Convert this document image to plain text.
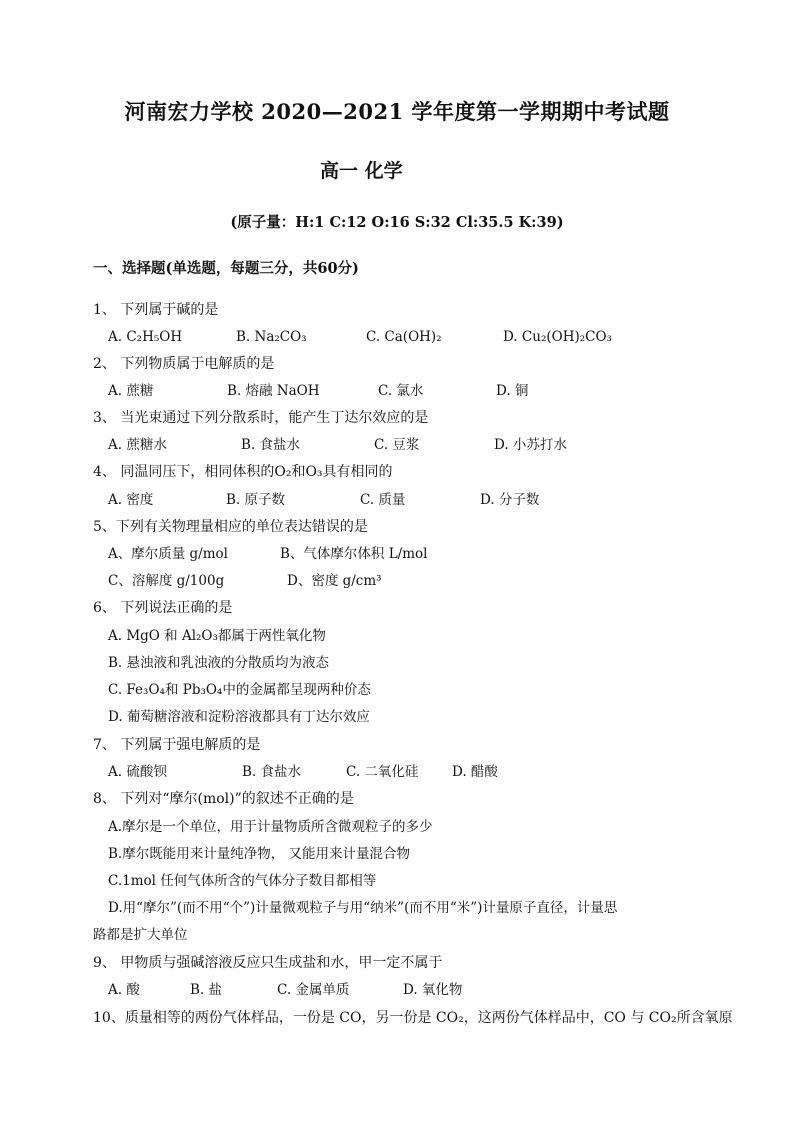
河南宏力学校 2020—2021 学年度第一学期期中考试题
高一 化学
(原子量：H:1 C:12 O:16 S:32 Cl:35.5 K:39)
一、选择题(单选题，每题三分，共60分)
1、 下列属于碱的是
A. C₂H₅OH	B. Na₂CO₃	C. Ca(OH)₂	D. Cu₂(OH)₂CO₃
2、 下列物质属于电解质的是
A. 蔗糖	B. 熔融 NaOH	C. 氯水	D. 铜
3、 当光束通过下列分散系时，能产生丁达尔效应的是
A. 蔗糖水	B. 食盐水	C. 豆浆	D. 小苏打水
4、 同温同压下，相同体积的O₂和O₃具有相同的
A. 密度	B. 原子数	C. 质量	D. 分子数
5、下列有关物理量相应的单位表达错误的是
A、摩尔质量 g/mol	B、气体摩尔体积 L/mol
C、溶解度 g/100g	D、密度 g/cm³
6、 下列说法正确的是
A. MgO 和 Al₂O₃都属于两性氧化物
B. 悬浊液和乳浊液的分散质均为液态
C. Fe₃O₄和 Pb₃O₄中的金属都呈现两种价态
D. 葡萄糖溶液和淀粉溶液都具有丁达尔效应
7、 下列属于强电解质的是
A. 硫酸钡	B. 食盐水	C. 二氧化硅 D. 醋酸
8、 下列对“摩尔(mol)”的叙述不正确的是
A.摩尔是一个单位，用于计量物质所含微观粒子的多少
B.摩尔既能用来计量纯净物， 又能用来计量混合物
C.1mol 任何气体所含的气体分子数目都相等
D.用“摩尔”(而不用“个”)计量微观粒子与用“纳米”(而不用“米”)计量原子直径，计量思
路都是扩大单位
9、 甲物质与强碱溶液反应只生成盐和水，甲一定不属于
A. 酸	B. 盐	C. 金属单质	D. 氧化物
10、质量相等的两份气体样品，一份是 CO，另一份是 CO₂，这两份气体样品中，CO 与 CO₂所含氧原
